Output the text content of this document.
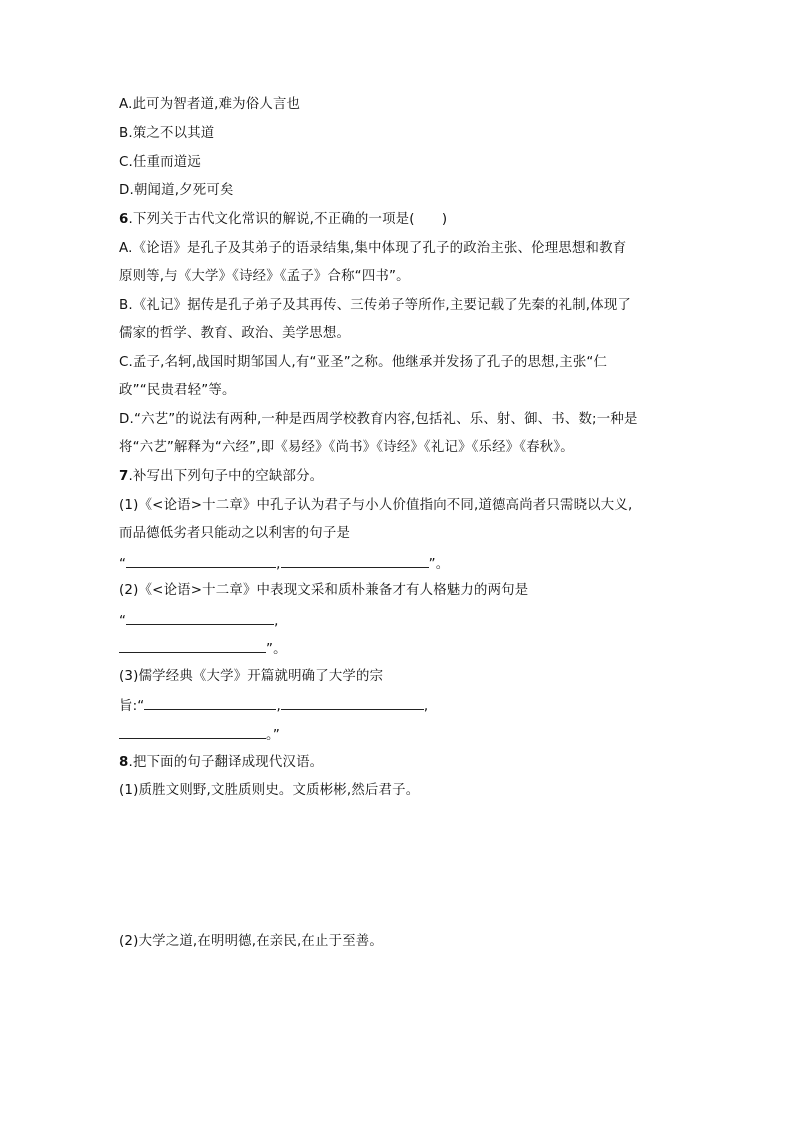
A.此可为智者道,难为俗人言也
B.策之不以其道
C.任重而道远
D.朝闻道,夕死可矣
6.下列关于古代文化常识的解说,不正确的一项是(　　)
A.《论语》是孔子及其弟子的语录结集,集中体现了孔子的政治主张、伦理思想和教育
原则等,与《大学》《诗经》《孟子》合称“四书”。
B.《礼记》据传是孔子弟子及其再传、三传弟子等所作,主要记载了先秦的礼制,体现了
儒家的哲学、教育、政治、美学思想。
C.孟子,名轲,战国时期邹国人,有“亚圣”之称。他继承并发扬了孔子的思想,主张“仁
政”“民贵君轻”等。
D.“六艺”的说法有两种,一种是西周学校教育内容,包括礼、乐、射、御、书、数;一种是
将“六艺”解释为“六经”,即《易经》《尚书》《诗经》《礼记》《乐经》《春秋》。
7.补写出下列句子中的空缺部分。
(1)《<论语>十二章》中孔子认为君子与小人价值指向不同,道德高尚者只需晓以大义,
而品德低劣者只能动之以利害的句子是
“	,	”。
(2)《<论语>十二章》中表现文采和质朴兼备才有人格魅力的两句是
“	,
”。
(3)儒学经典《大学》开篇就明确了大学的宗
旨:“	,	,
。”
8.把下面的句子翻译成现代汉语。
(1)质胜文则野,文胜质则史。文质彬彬,然后君子。
(2)大学之道,在明明德,在亲民,在止于至善。
